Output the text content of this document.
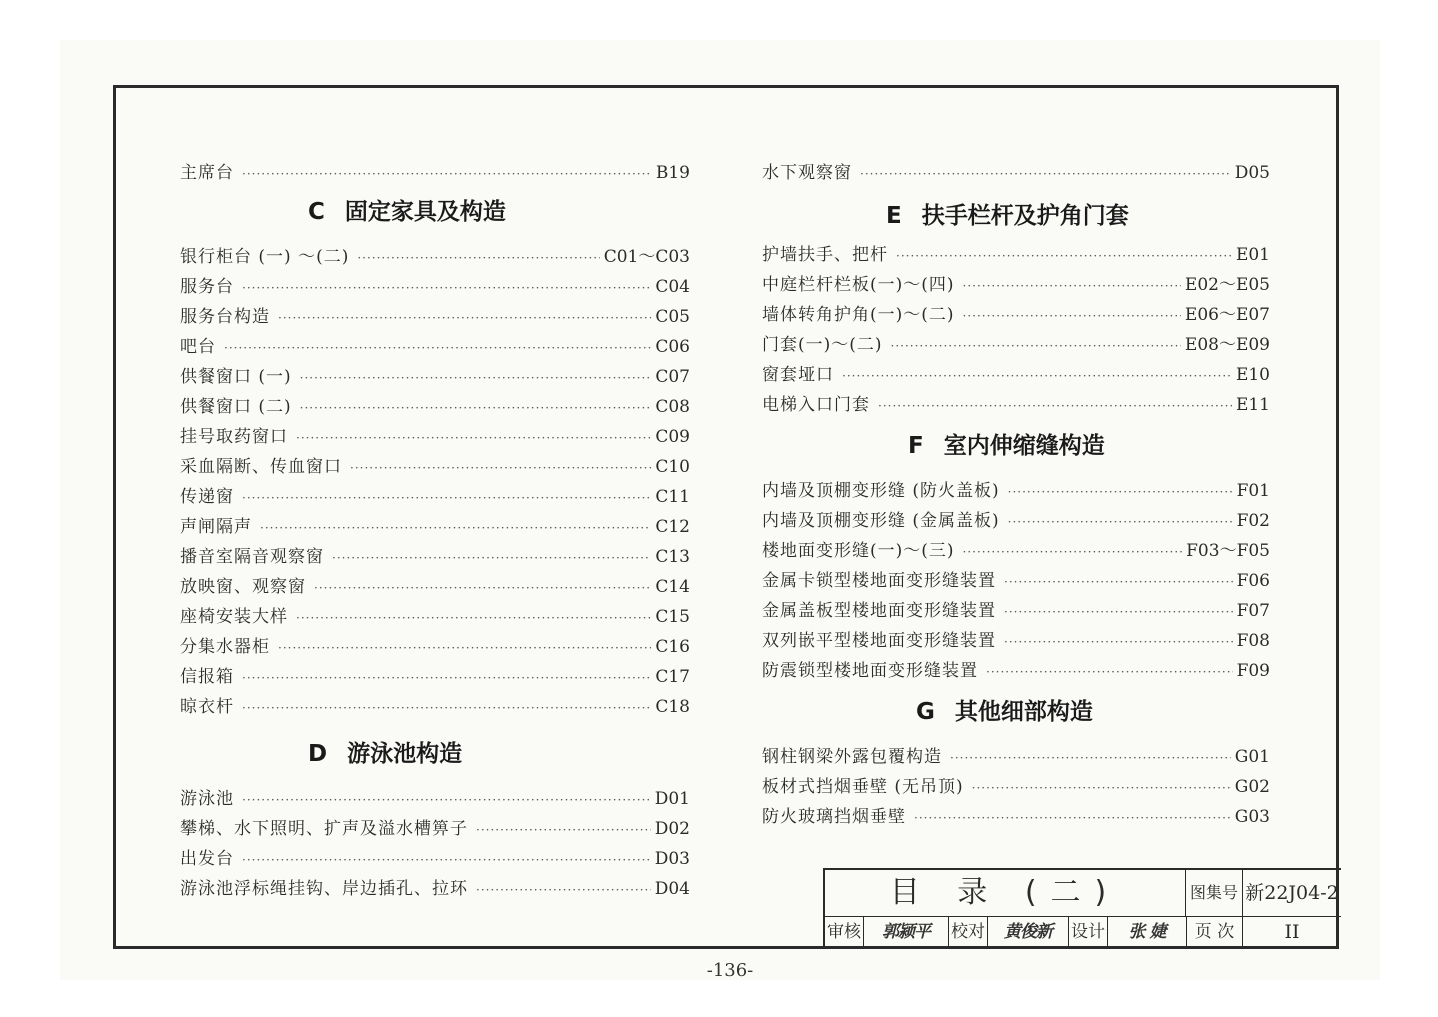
主席台 ·····	B19
C 固定家具及构造
银行柜台 (一) ～(二) ·····	C01～C03
服务台 ·····	C04
服务台构造 ·····	C05
吧台 ·····	C06
供餐窗口 (一) ·····	C07
供餐窗口 (二) ·····	C08
挂号取药窗口 ·····	C09
采血隔断、传血窗口 ·····	C10
传递窗 ·····	C11
声闸隔声 ·····	C12
播音室隔音观察窗 ·····	C13
放映窗、观察窗 ·····	C14
座椅安装大样 ·····	C15
分集水器柜 ·····	C16
信报箱 ·····	C17
晾衣杆 ·····	C18
D 游泳池构造
游泳池 ·····	D01
攀梯、水下照明、扩声及溢水槽箅子 ·····	D02
出发台 ·····	D03
游泳池浮标绳挂钩、岸边插孔、拉环 ·····	D04
水下观察窗 ·····	D05
E 扶手栏杆及护角门套
护墙扶手、把杆 ·····	E01
中庭栏杆栏板(一)～(四) ·····	E02～E05
墙体转角护角(一)～(二) ·····	E06～E07
门套(一)～(二) ·····	E08～E09
窗套垭口 ·····	E10
电梯入口门套 ·····	E11
F 室内伸缩缝构造
内墙及顶棚变形缝 (防火盖板) ·····	F01
内墙及顶棚变形缝 (金属盖板) ·····	F02
楼地面变形缝(一)～(三) ·····	F03～F05
金属卡锁型楼地面变形缝装置 ·····	F06
金属盖板型楼地面变形缝装置 ·····	F07
双列嵌平型楼地面变形缝装置 ·····	F08
防震锁型楼地面变形缝装置 ·····	F09
G 其他细部构造
钢柱钢梁外露包覆构造 ·····	G01
板材式挡烟垂壁 (无吊顶) ·····	G02
防火玻璃挡烟垂壁 ·····	G03
目 录 (二)	图集号 新22J04-2
审核	郭颍平	校对	黄俊新	设计	张 婕	页 次	II
-136-
